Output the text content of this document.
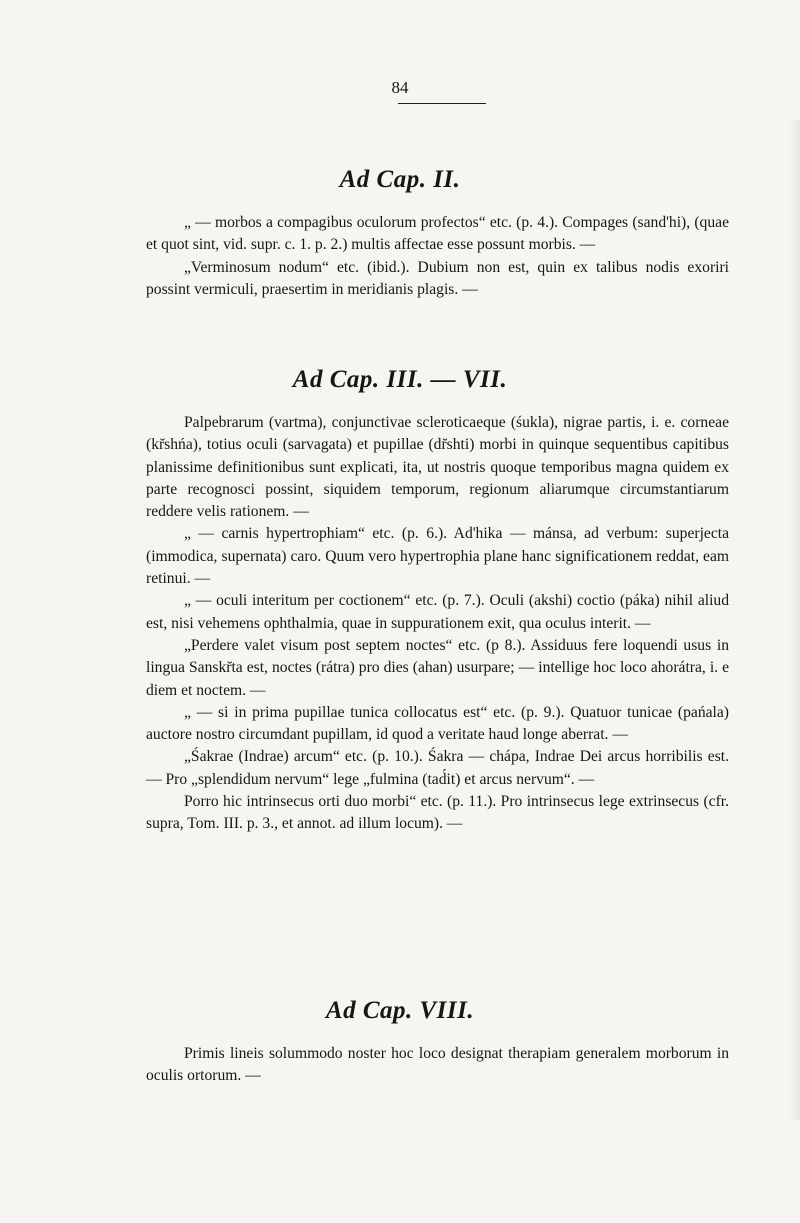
84
Ad Cap. II.

„ — morbos a compagibus oculorum profectos“ etc. (p. 4.). Compages (sand'hi), (quae et quot sint, vid. supr. c. 1. p. 2.) multis affectae esse possunt morbis. —

„Verminosum nodum“ etc. (ibid.). Dubium non est, quin ex talibus nodis exoriri possint vermiculi, praesertim in meridianis plagis. —

Ad Cap. III. — VII.

Palpebrarum (vartma), conjunctivae scleroticaeque (śukla), nigrae partis, i. e. corneae (kr̆shńa), totius oculi (sarvagata) et pupillae (dr̆shti) morbi in quinque sequentibus capitibus planissime definitionibus sunt explicati, ita, ut nostris quoque temporibus magna quidem ex parte recognosci possint, siquidem temporum, regionum aliarumque circumstantiarum reddere velis rationem. —

„ — carnis hypertrophiam“ etc. (p. 6.). Ad'hika — mánsa, ad verbum: superjecta (immodica, supernata) caro. Quum vero hypertrophia plane hanc significationem reddat, eam retinui. —

„ — oculi interitum per coctionem“ etc. (p. 7.). Oculi (akshi) coctio (páka) nihil aliud est, nisi vehemens ophthalmia, quae in suppurationem exit, qua oculus interit. —

„Perdere valet visum post septem noctes“ etc. (p 8.). Assiduus fere loquendi usus in lingua Sanskr̆ta est, noctes (rátra) pro dies (ahan) usurpare; — intellige hoc loco ahorátra, i. e diem et noctem. —

„ — si in prima pupillae tunica collocatus est“ etc. (p. 9.). Quatuor tunicae (pańala) auctore nostro circumdant pupillam, id quod a veritate haud longe aberrat. —

„Śakrae (Indrae) arcum“ etc. (p. 10.). Śakra — chápa, Indrae Dei arcus horribilis est. — Pro „splendidum nervum“ lege „fulmina (tad́it) et arcus nervum“. —

Porro hic intrinsecus orti duo morbi“ etc. (p. 11.). Pro intrinsecus lege extrinsecus (cfr. supra, Tom. III. p. 3., et annot. ad illum locum). —

Ad Cap. VIII.

Primis lineis solummodo noster hoc loco designat therapiam generalem morborum in oculis ortorum. —
